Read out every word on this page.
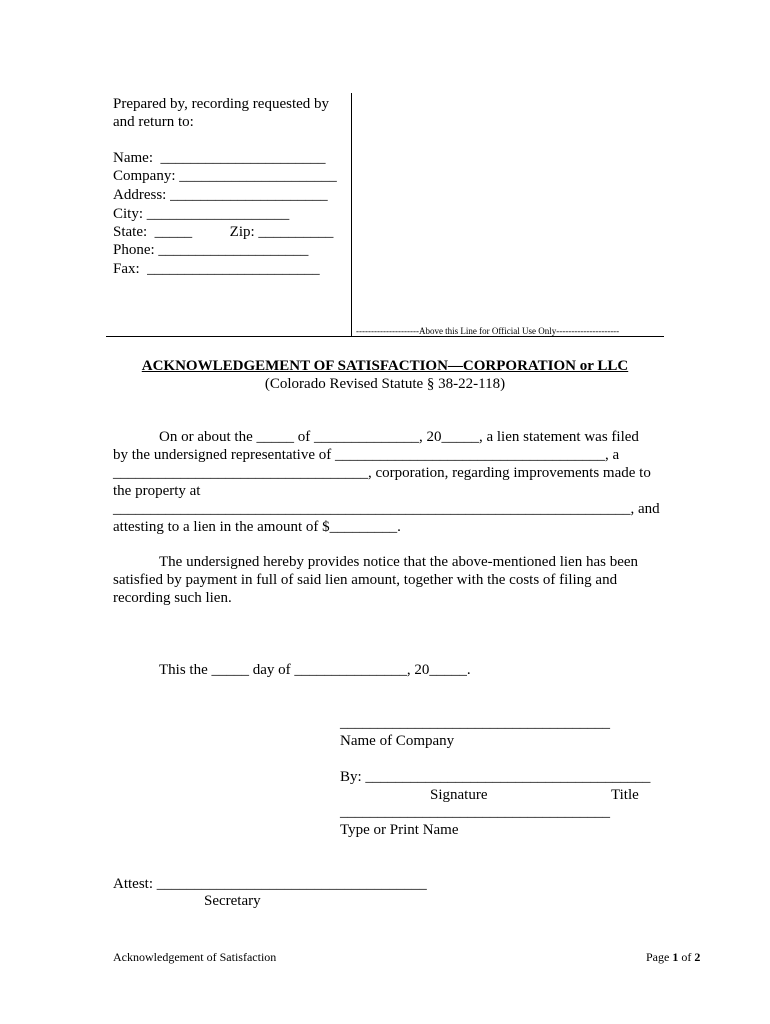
Prepared by, recording requested by
and return to:
Name:  ______________________
Company: _____________________
Address: _____________________
City: ___________________
State:  _____          Zip: __________
Phone: ____________________
Fax:  _______________________
---------------------Above this Line for Official Use Only---------------------
ACKNOWLEDGEMENT OF SATISFACTION—CORPORATION or LLC
(Colorado Revised Statute § 38-22-118)
On or about the _____ of ______________, 20_____, a lien statement was filed
by the undersigned representative of ____________________________________, a
__________________________________, corporation, regarding improvements made to
the property at
_____________________________________________________________________, and
attesting to a lien in the amount of $_________.
The undersigned hereby provides notice that the above-mentioned lien has been
satisfied by payment in full of said lien amount, together with the costs of filing and
recording such lien.
This the _____ day of _______________, 20_____.
____________________________________
Name of Company
By: ______________________________________
Signature	Title
____________________________________
Type or Print Name
Attest: ____________________________________
Secretary
Acknowledgement of Satisfaction	Page 1 of 2
